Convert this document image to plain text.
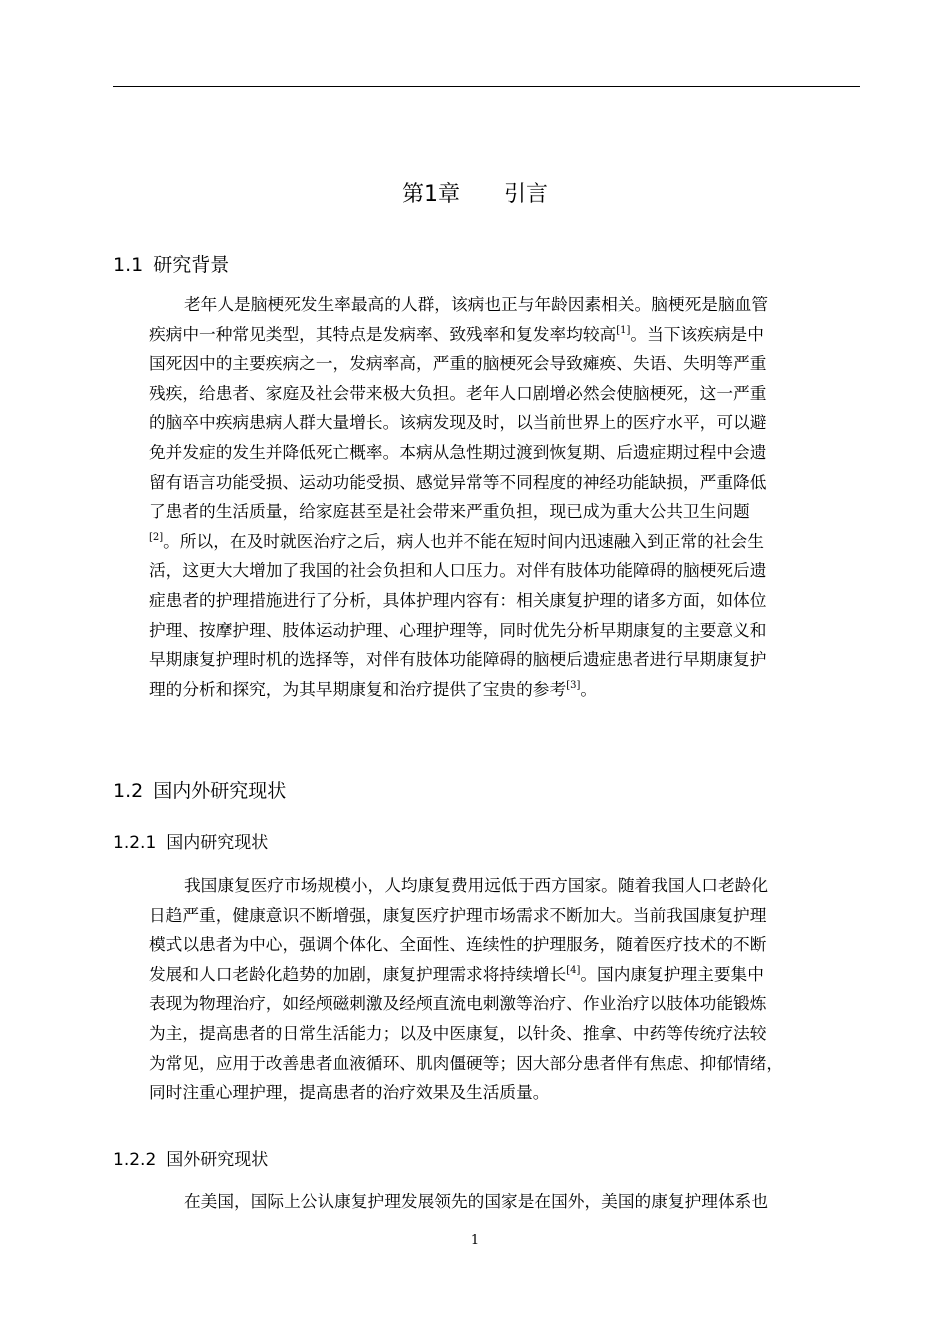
第1章 引言
1.1 研究背景
老年人是脑梗死发生率最高的人群，该病也正与年龄因素相关。脑梗死是脑血管
疾病中一种常见类型，其特点是发病率、致残率和复发率均较高[1]。当下该疾病是中
国死因中的主要疾病之一，发病率高，严重的脑梗死会导致瘫痪、失语、失明等严重
残疾，给患者、家庭及社会带来极大负担。老年人口剧增必然会使脑梗死，这一严重
的脑卒中疾病患病人群大量增长。该病发现及时，以当前世界上的医疗水平，可以避
免并发症的发生并降低死亡概率。本病从急性期过渡到恢复期、后遗症期过程中会遗
留有语言功能受损、运动功能受损、感觉异常等不同程度的神经功能缺损，严重降低
了患者的生活质量，给家庭甚至是社会带来严重负担，现已成为重大公共卫生问题
[2]。所以，在及时就医治疗之后，病人也并不能在短时间内迅速融入到正常的社会生
活，这更大大增加了我国的社会负担和人口压力。对伴有肢体功能障碍的脑梗死后遗
症患者的护理措施进行了分析，具体护理内容有：相关康复护理的诸多方面，如体位
护理、按摩护理、肢体运动护理、心理护理等，同时优先分析早期康复的主要意义和
早期康复护理时机的选择等，对伴有肢体功能障碍的脑梗后遗症患者进行早期康复护
理的分析和探究，为其早期康复和治疗提供了宝贵的参考[3]。
1.2 国内外研究现状
1.2.1 国内研究现状
我国康复医疗市场规模小，人均康复费用远低于西方国家。随着我国人口老龄化
日趋严重，健康意识不断增强，康复医疗护理市场需求不断加大。当前我国康复护理
模式以患者为中心，强调个体化、全面性、连续性的护理服务，随着医疗技术的不断
发展和人口老龄化趋势的加剧，康复护理需求将持续增长[4]。国内康复护理主要集中
表现为物理治疗，如经颅磁刺激及经颅直流电刺激等治疗、作业治疗以肢体功能锻炼
为主，提高患者的日常生活能力；以及中医康复，以针灸、推拿、中药等传统疗法较
为常见，应用于改善患者血液循环、肌肉僵硬等；因大部分患者伴有焦虑、抑郁情绪，
同时注重心理护理，提高患者的治疗效果及生活质量。
1.2.2 国外研究现状
在美国，国际上公认康复护理发展领先的国家是在国外，美国的康复护理体系也
1
